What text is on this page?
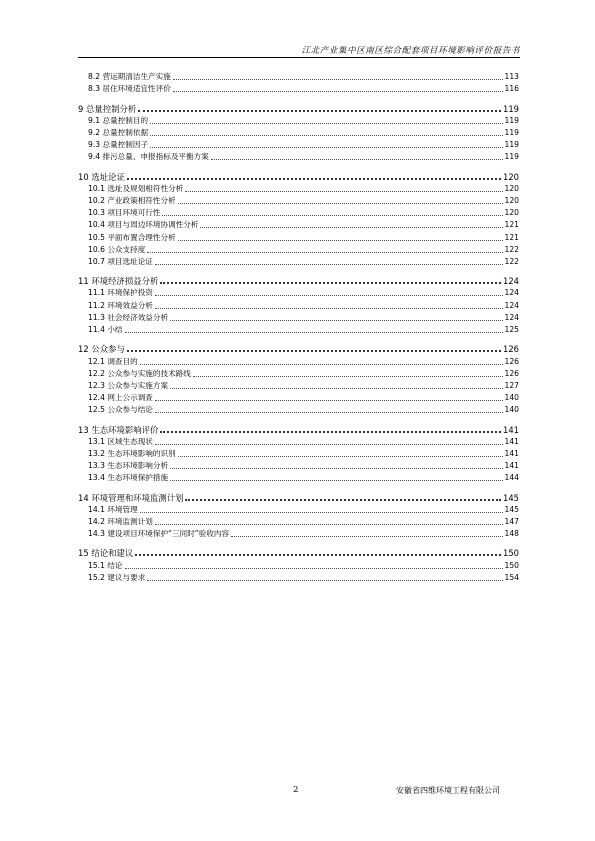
江北产业集中区南区综合配套项目环境影响评价报告书
8.2 营运期清洁生产实施	113
8.3 居住环境适宜性评价	116
9 总量控制分析	119
9.1 总量控制目的	119
9.2 总量控制依据	119
9.3 总量控制因子	119
9.4 排污总量、申报指标及平衡方案	119
10 选址论证	120
10.1 选址及规划相符性分析	120
10.2 产业政策相符性分析	120
10.3 项目环境可行性	120
10.4 项目与周边环境协调性分析	121
10.5 平面布置合理性分析	121
10.6 公众支持度	122
10.7 项目选址论证	122
11 环境经济损益分析	124
11.1 环境保护投资	124
11.2 环境效益分析	124
11.3 社会经济效益分析	124
11.4 小结	125
12 公众参与	126
12.1 调查目的	126
12.2 公众参与实施的技术路线	126
12.3 公众参与实施方案	127
12.4 网上公示调查	140
12.5 公众参与结论	140
13 生态环境影响评价	141
13.1 区域生态现状	141
13.2 生态环境影响的识别	141
13.3 生态环境影响分析	141
13.4 生态环境保护措施	144
14 环境管理和环境监测计划	145
14.1 环境管理	145
14.2 环境监测计划	147
14.3 建设项目环境保护“三同时”验收内容	148
15 结论和建议	150
15.1 结论	150
15.2 建议与要求	154
2	安徽省四维环境工程有限公司
